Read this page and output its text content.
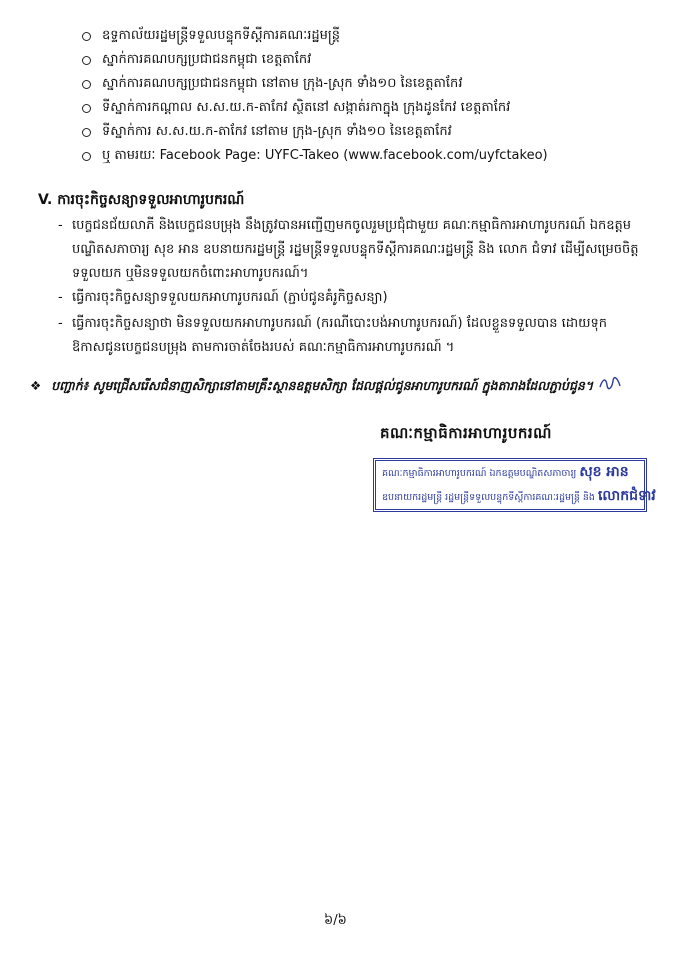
ឧទ្ទកាល័យរដ្ឋមន្ត្រីទទួលបន្ទុកទីស្តីការគណៈរដ្ឋមន្ត្រី
ស្នាក់ការគណបក្សប្រជាជនកម្ពុជា ខេត្តតាកែវ
ស្នាក់ការគណបក្សប្រជាជនកម្ពុជា នៅតាម ក្រុង-ស្រុក ទាំង១០ នៃខេត្តតាកែវ
ទីស្នាក់ការកណ្តាល ស.ស.យ.ក-តាកែវ ស្ថិតនៅ សង្កាត់រកាក្នុង ក្រុងដូនកែវ ខេត្តតាកែវ
ទីស្នាក់ការ ស.ស.យ.ក-តាកែវ នៅតាម ក្រុង-ស្រុក ទាំង១០ នៃខេត្តតាកែវ
ឬ តាមរយៈ Facebook Page: UYFC-Takeo (www.facebook.com/uyfctakeo)
V. ការចុះកិច្ចសន្យាទទួលអាហារូបករណ៍
- បេក្ខជនជ័យលាភី និងបេក្ខជនបម្រុង នឹងត្រូវបានអញ្ជើញមកចូលរួមប្រជុំជាមួយ គណៈកម្មាធិការអាហារូបករណ៍ ឯកឧត្តមបណ្ឌិតសភាចារ្យ សុខ អាន ឧបនាយករដ្ឋមន្ត្រី រដ្ឋមន្ត្រីទទួលបន្ទុកទីស្តីការគណៈរដ្ឋមន្ត្រី និង លោក ជំទាវ ដើម្បីសម្រេចចិត្តទទួលយក ឬមិនទទួលយកចំពោះអាហារូបករណ៍។
- ធ្វើការចុះកិច្ចសន្យាទទួលយកអាហារូបករណ៍ (ភ្ជាប់ជូនគំរូកិច្ចសន្យា)
- ធ្វើការចុះកិច្ចសន្យាថា មិនទទួលយកអាហារូបករណ៍ (ករណីបោះបង់អាហារូបករណ៍) ដែលខ្លួនទទួលបាន ដោយទុក ឱកាសជូនបេក្ខជនបម្រុង តាមការចាត់ចែងរបស់ គណៈកម្មាធិការអាហារូបករណ៍ ។
❖ បញ្ជាក់៖ សូមជ្រើសរើសជំនាញសិក្សានៅតាមគ្រឹះស្ថានឧត្តមសិក្សា ដែលផ្តល់ជូនអាហារូបករណ៍ ក្នុងតារាងដែលភ្ជាប់ជូន។
គណៈកម្មាធិការអាហារូបករណ៍
គណៈកម្មាធិការអាហារូបករណ៍ ឯកឧត្តមបណ្ឌិតសភាចារ្យ សុខ អាន
ឧបនាយករដ្ឋមន្ត្រី រដ្ឋមន្ត្រីទទួលបន្ទុកទីស្តីការគណៈរដ្ឋមន្ត្រី និង លោកជំទាវ
៦/៦
